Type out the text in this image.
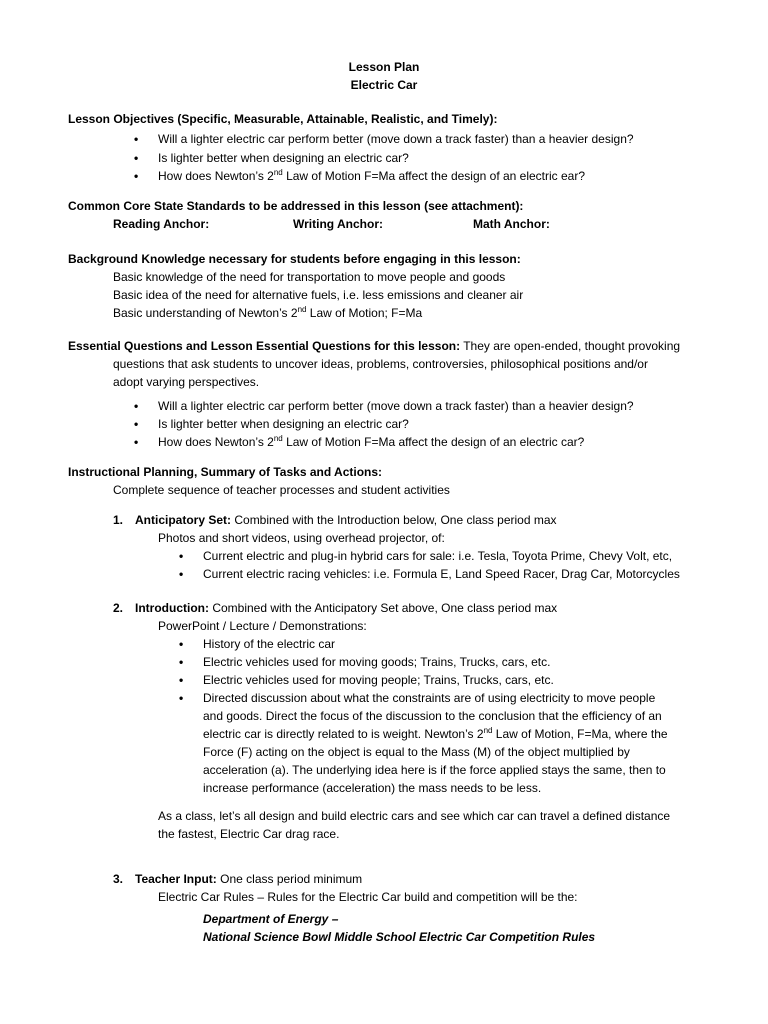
Lesson Plan
Electric Car
Lesson Objectives (Specific, Measurable, Attainable, Realistic, and Timely):
• Will a lighter electric car perform better (move down a track faster) than a heavier design?
• Is lighter better when designing an electric car?
• How does Newton’s 2nd Law of Motion F=Ma affect the design of an electric ear?
Common Core State Standards to be addressed in this lesson (see attachment):
Reading Anchor:	Writing Anchor:	Math Anchor:
Background Knowledge necessary for students before engaging in this lesson:
Basic knowledge of the need for transportation to move people and goods
Basic idea of the need for alternative fuels, i.e. less emissions and cleaner air
Basic understanding of Newton’s 2nd Law of Motion; F=Ma
Essential Questions and Lesson Essential Questions for this lesson: They are open-ended, thought provoking
questions that ask students to uncover ideas, problems, controversies, philosophical positions and/or
adopt varying perspectives.
• Will a lighter electric car perform better (move down a track faster) than a heavier design?
• Is lighter better when designing an electric car?
• How does Newton’s 2nd Law of Motion F=Ma affect the design of an electric car?
Instructional Planning, Summary of Tasks and Actions:
Complete sequence of teacher processes and student activities
1. Anticipatory Set: Combined with the Introduction below, One class period max
Photos and short videos, using overhead projector, of:
• Current electric and plug-in hybrid cars for sale: i.e. Tesla, Toyota Prime, Chevy Volt, etc,
• Current electric racing vehicles: i.e. Formula E, Land Speed Racer, Drag Car, Motorcycles
2. Introduction: Combined with the Anticipatory Set above, One class period max
PowerPoint / Lecture / Demonstrations:
• History of the electric car
• Electric vehicles used for moving goods; Trains, Trucks, cars, etc.
• Electric vehicles used for moving people; Trains, Trucks, cars, etc.
• Directed discussion about what the constraints are of using electricity to move people
and goods. Direct the focus of the discussion to the conclusion that the efficiency of an
electric car is directly related to is weight. Newton’s 2nd Law of Motion, F=Ma, where the
Force (F) acting on the object is equal to the Mass (M) of the object multiplied by
acceleration (a). The underlying idea here is if the force applied stays the same, then to
increase performance (acceleration) the mass needs to be less.
As a class, let’s all design and build electric cars and see which car can travel a defined distance
the fastest, Electric Car drag race.
3. Teacher Input: One class period minimum
Electric Car Rules – Rules for the Electric Car build and competition will be the:
Department of Energy –
National Science Bowl Middle School Electric Car Competition Rules
